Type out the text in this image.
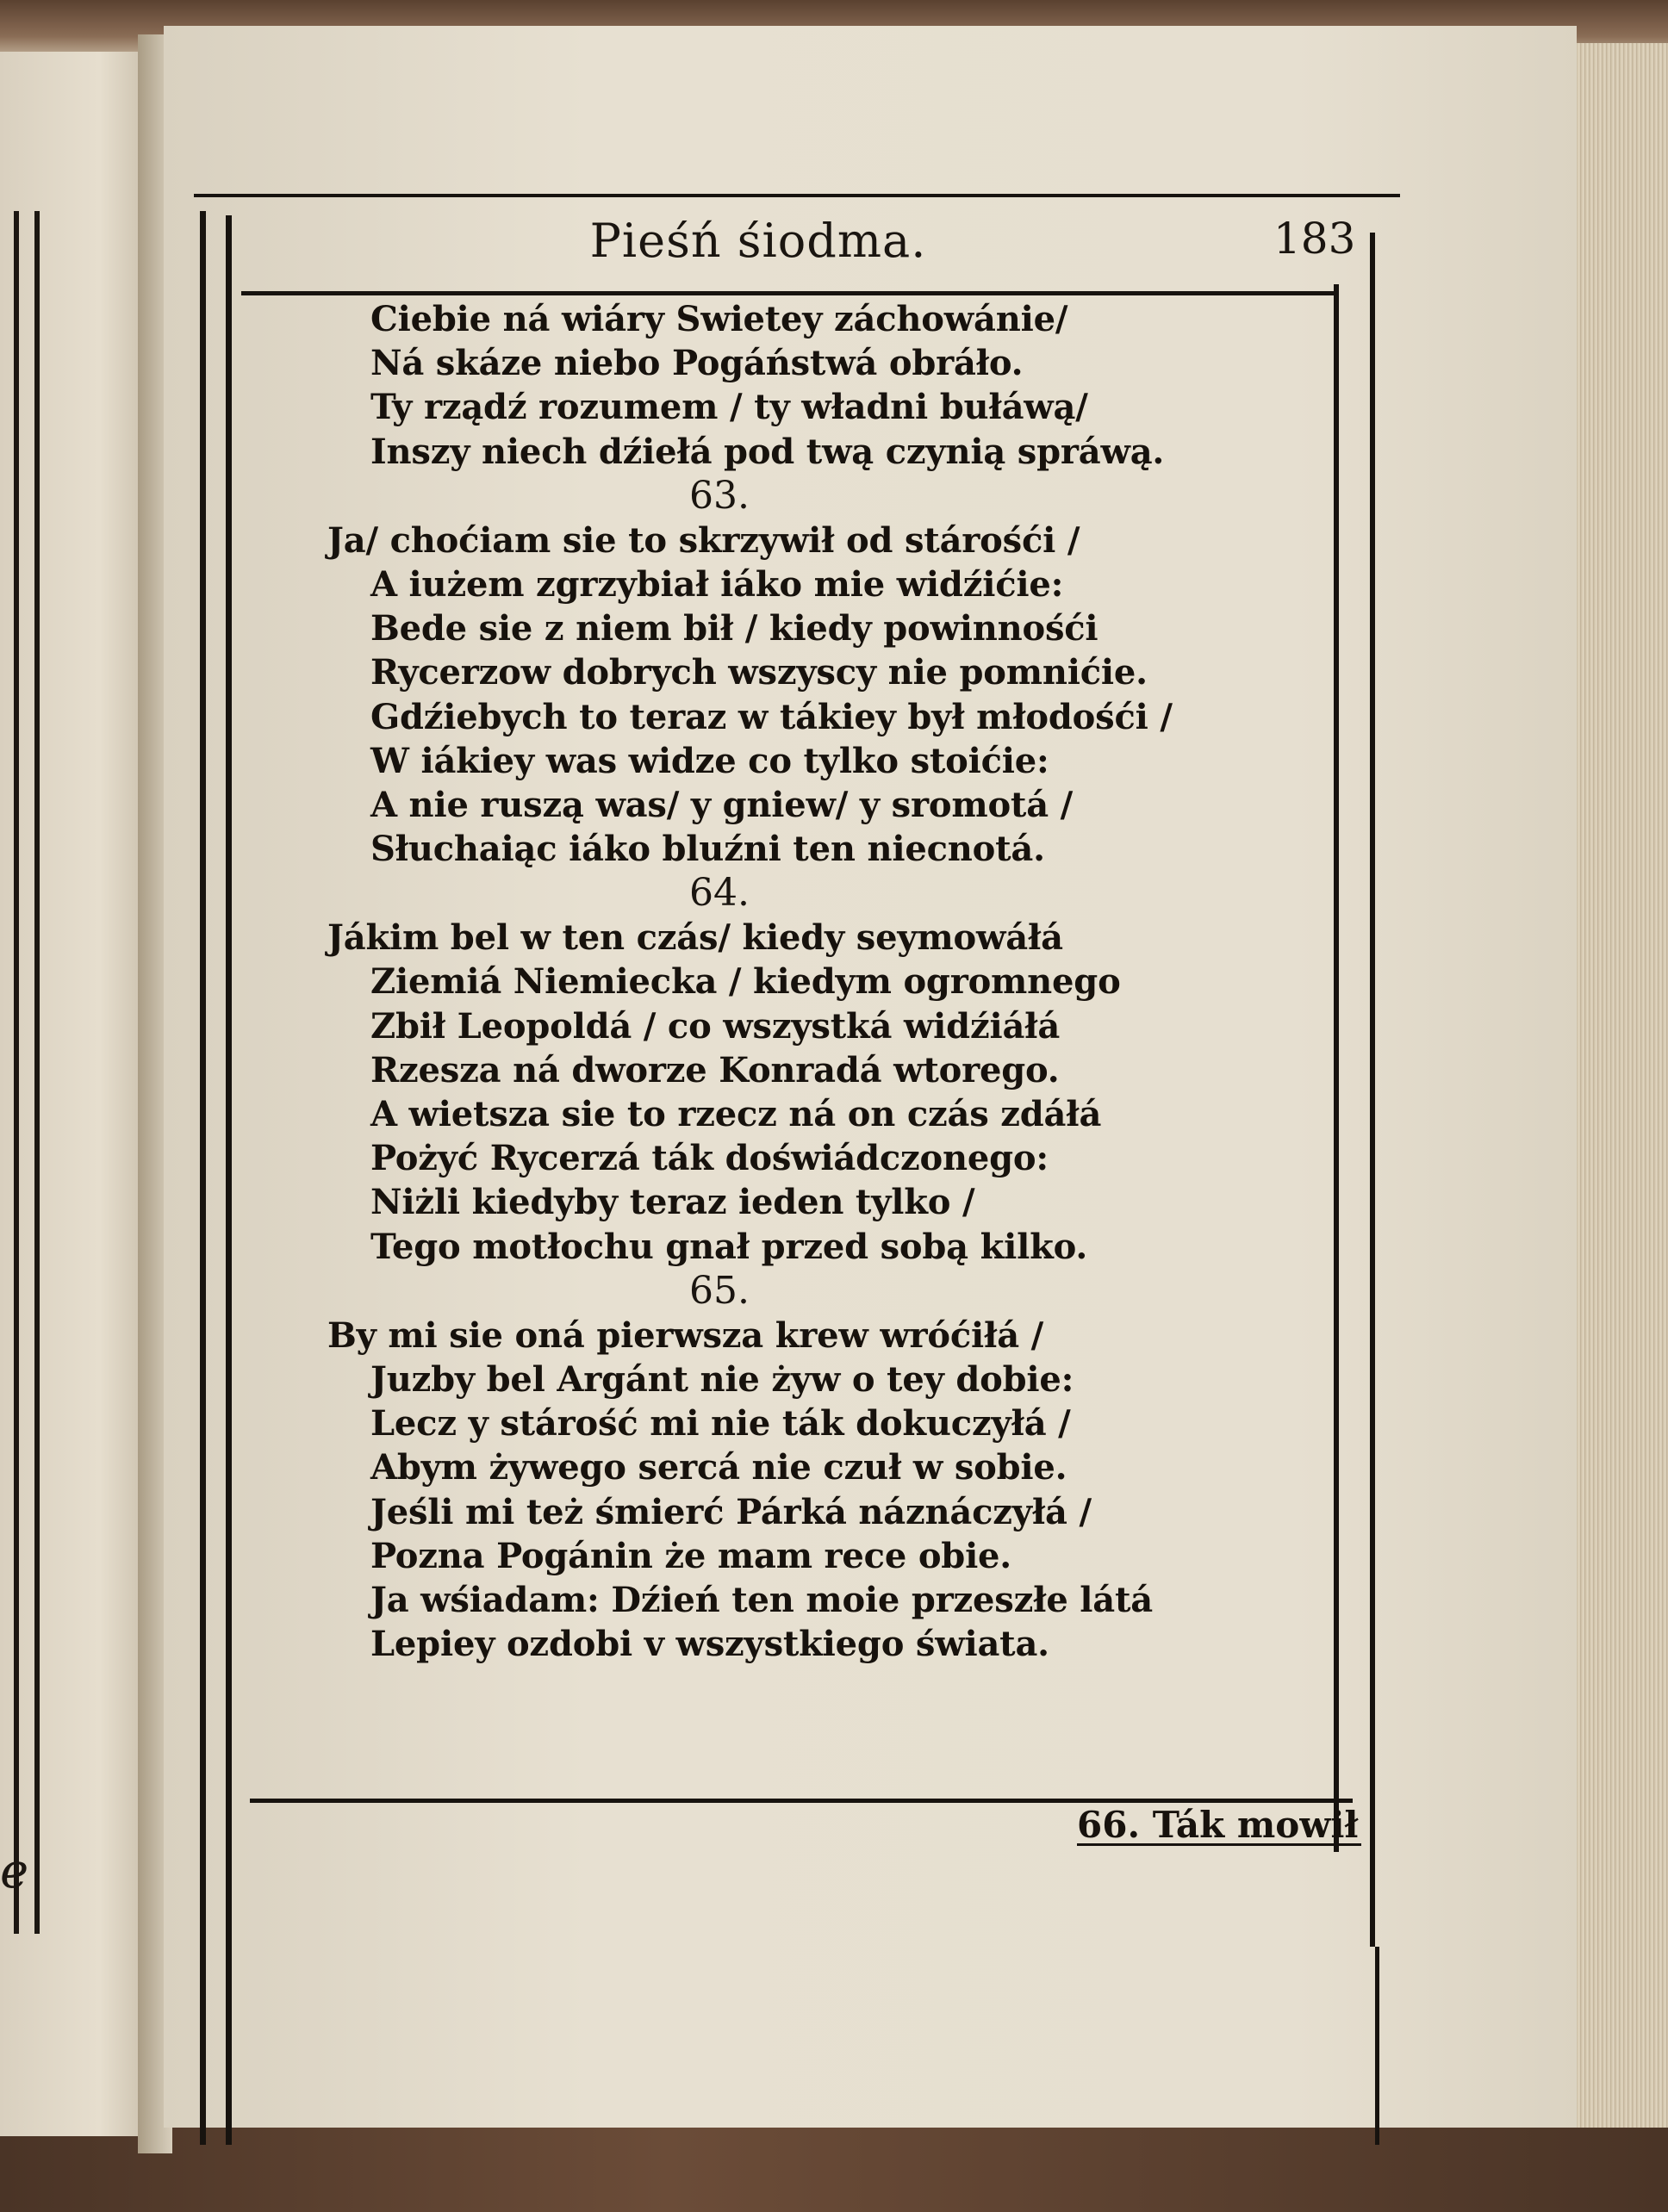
e
Pieśń śiodma.	183
Ciebie ná wiáry Swietey záchowánie/
Ná skáze niebo Pogáństwá obráło.
Ty rządź rozumem / ty władni bułáwą/
Inszy niech dźiełá pod twą czynią spráwą.
63.
Ja/ choćiam sie to skrzywił od stárośći /
A iużem zgrzybiał iáko mie widźićie:
Bede sie z niem bił / kiedy powinnośći
Rycerzow dobrych wszyscy nie pomnićie.
Gdźiebych to teraz w tákiey był młodośći /
W iákiey was widze co tylko stoićie:
A nie ruszą was/ y gniew/ y sromotá /
Słuchaiąc iáko bluźni ten niecnotá.
64.
Jákim bel w ten czás/ kiedy seymowáłá
Ziemiá Niemiecka / kiedym ogromnego
Zbił Leopoldá / co wszystká widźiáłá
Rzesza ná dworze Konradá wtorego.
A wietsza sie to rzecz ná on czás zdáłá
Pożyć Rycerzá ták doświádczonego:
Niżli kiedyby teraz ieden tylko /
Tego motłochu gnał przed sobą kilko.
65.
By mi sie oná pierwsza krew wróćiłá /
Juzby bel Argánt nie żyw o tey dobie:
Lecz y stárość mi nie ták dokuczyłá /
Abym żywego sercá nie czuł w sobie.
Jeśli mi też śmierć Párká náznáczyłá /
Pozna Pogánin że mam rece obie.
Ja wśiadam: Dźień ten moie przeszłe látá
Lepiey ozdobi v wszystkiego świata.
66. Ták mowił
